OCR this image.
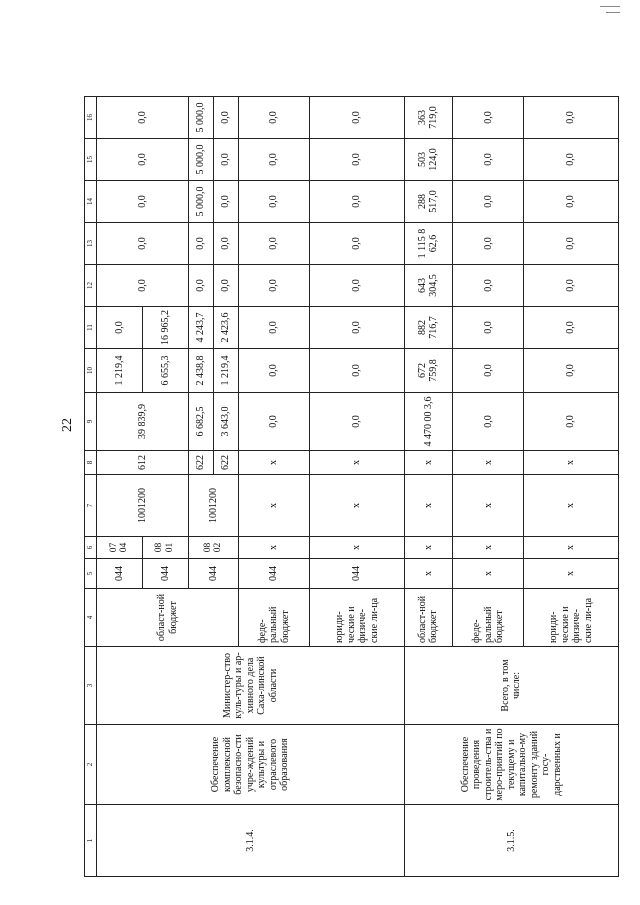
22
1	2	3	4	5	6	7	8	9	10	11	12	13	14	15	16
3.1.4.	Обеспечение комплексной безопасно-сти учре-ждений культуры и отраслевого образования	Министер-ство куль-туры и ар-хивного дела Саха-линской области	област-ной бюджет	044	07 04	1001200	612	39 839,9	1 219,4	0,0	0,0	0,0	0,0	0,0	0,0
				044	08 01				6 655,3	16 965,2					
				044	08 02	1001200	622	6 682,5	2 438,8	4 243,7	0,0	0,0	5 000,0	5 000,0	5 000,0
							622	3 643,0	1 219,4	2 423,6	0,0	0,0	0,0	0,0	0,0
			феде-ральный бюджет	044	x	x	x	0,0	0,0	0,0	0,0	0,0	0,0	0,0	0,0
			юриди-ческие и физиче-ские ли-ца	044	x	x	x	0,0	0,0	0,0	0,0	0,0	0,0	0,0	0,0

3.1.5.	Обеспечение проведения строитель-ства и меро-приятий по текущему и капитально-му ремонту зданий госу-дарственных и	Всего, в том числе:	област-ной бюджет	x	x	x	x	4 470 00 3,6	672 759,8	882 716,7	643 304,5	1 115 8 62,6	288 517,0	503 124,0	363 719,0
			феде-ральный бюджет	x	x	x	x	0,0	0,0	0,0	0,0	0,0	0,0	0,0	0,0
			юриди-ческие и физиче-ские ли-ца	x	x	x	x	0,0	0,0	0,0	0,0	0,0	0,0	0,0	0,0
